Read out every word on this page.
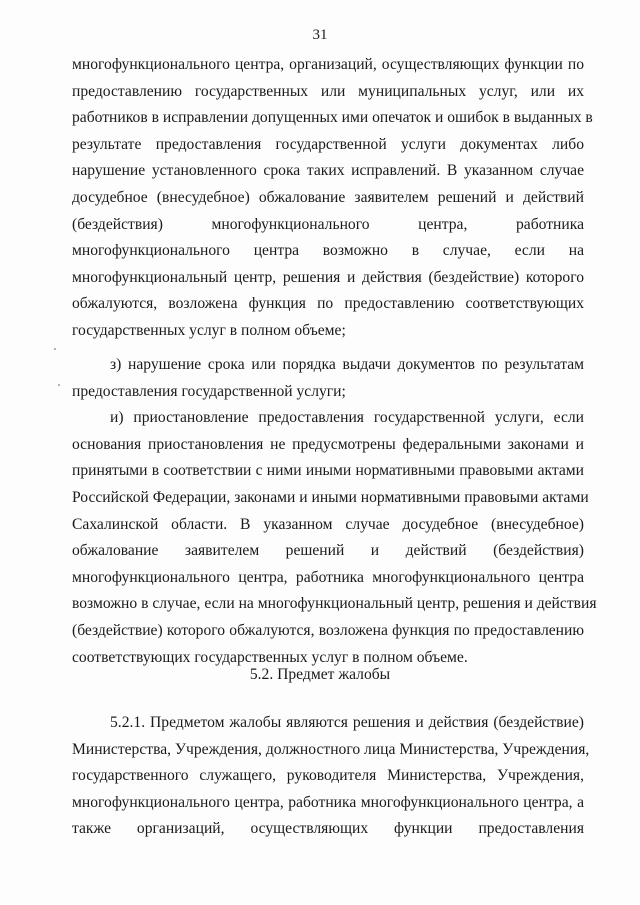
31
многофункционального центра, организаций, осуществляющих функции по
предоставлению государственных или муниципальных услуг, или их
работников в исправлении допущенных ими опечаток и ошибок в выданных в
результате предоставления государственной услуги документах либо
нарушение установленного срока таких исправлений. В указанном случае
досудебное (внесудебное) обжалование заявителем решений и действий
(бездействия) многофункционального центра, работника
многофункционального центра возможно в случае, если на
многофункциональный центр, решения и действия (бездействие) которого
обжалуются, возложена функция по предоставлению соответствующих
государственных услуг в полном объеме;
з) нарушение срока или порядка выдачи документов по результатам
предоставления государственной услуги;
и) приостановление предоставления государственной услуги, если
основания приостановления не предусмотрены федеральными законами и
принятыми в соответствии с ними иными нормативными правовыми актами
Российской Федерации, законами и иными нормативными правовыми актами
Сахалинской области. В указанном случае досудебное (внесудебное)
обжалование заявителем решений и действий (бездействия)
многофункционального центра, работника многофункционального центра
возможно в случае, если на многофункциональный центр, решения и действия
(бездействие) которого обжалуются, возложена функция по предоставлению
соответствующих государственных услуг в полном объеме.
5.2. Предмет жалобы
5.2.1. Предметом жалобы являются решения и действия (бездействие)
Министерства, Учреждения, должностного лица Министерства, Учреждения,
государственного служащего, руководителя Министерства, Учреждения,
многофункционального центра, работника многофункционального центра, а
также организаций, осуществляющих функции предоставления
